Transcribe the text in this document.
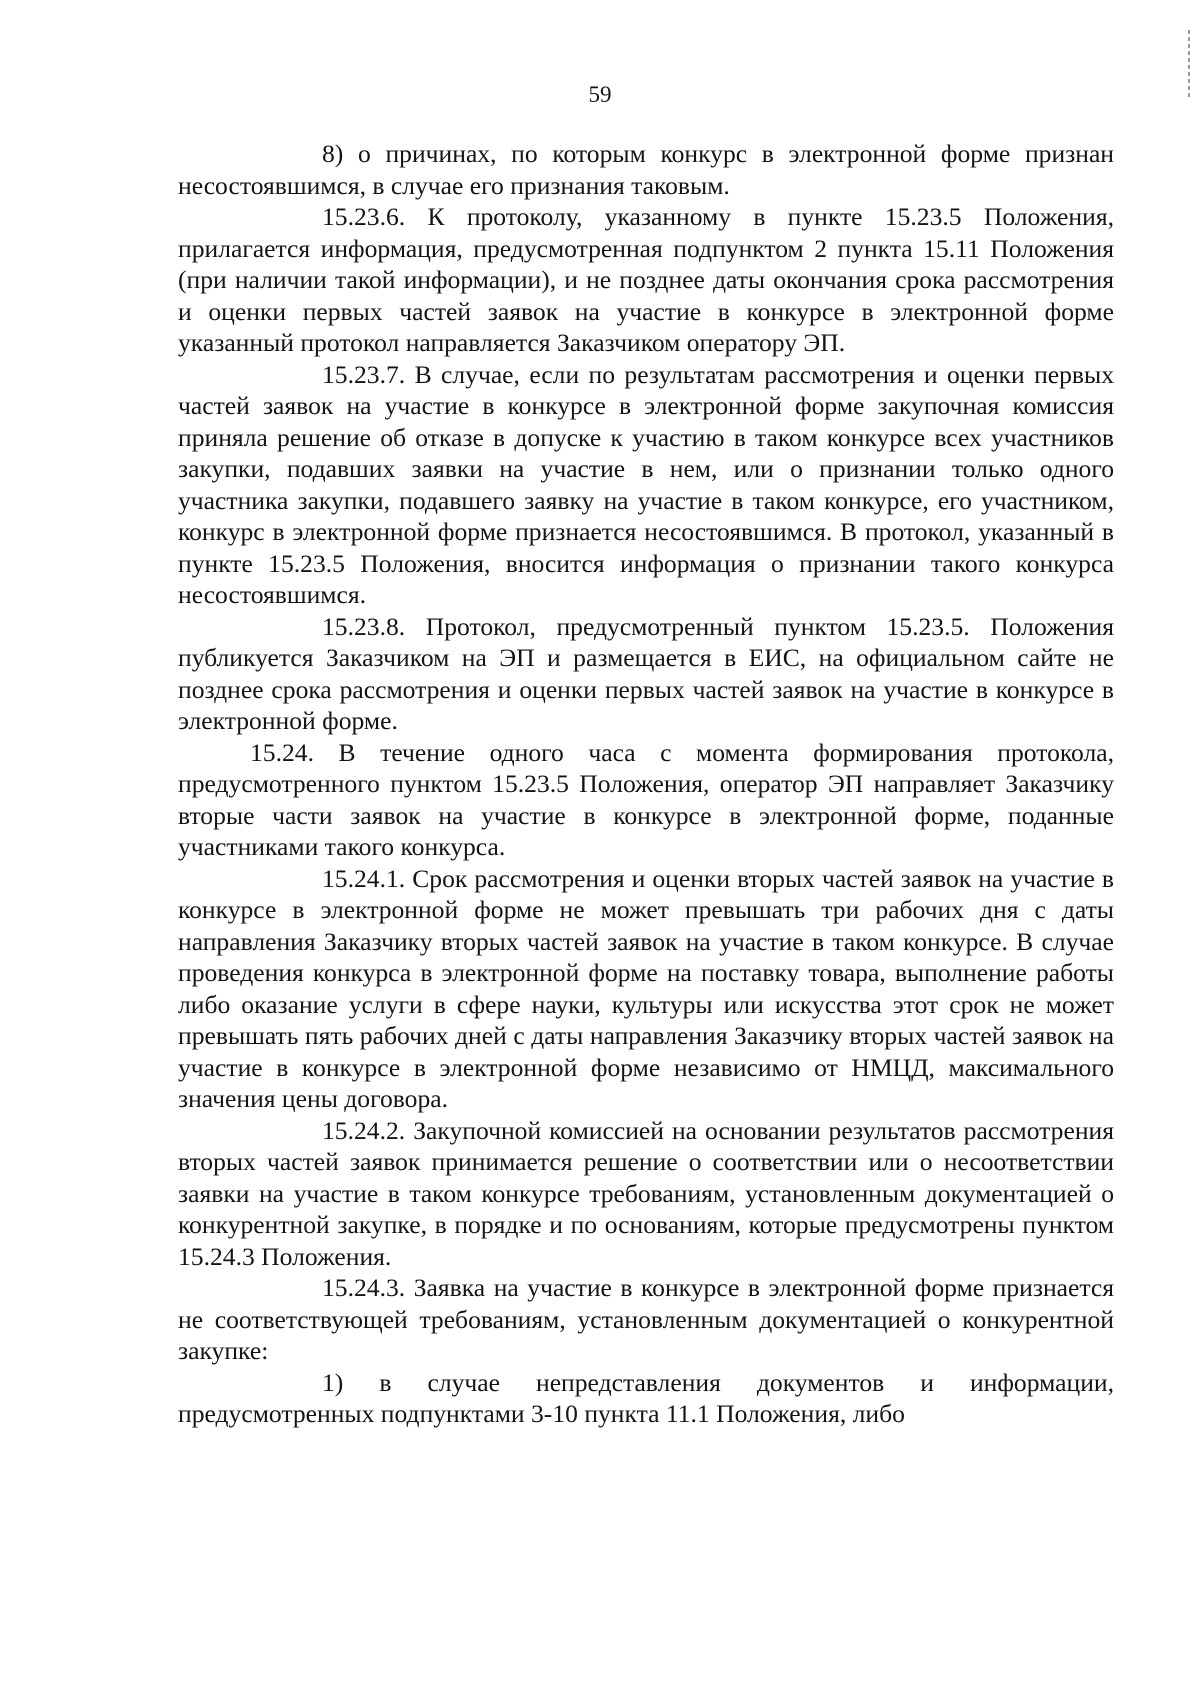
59

8) о причинах, по которым конкурс в электронной форме признан несостоявшимся, в случае его признания таковым.

15.23.6. К протоколу, указанному в пункте 15.23.5 Положения, прилагается информация, предусмотренная подпунктом 2 пункта 15.11 Положения (при наличии такой информации), и не позднее даты окончания срока рассмотрения и оценки первых частей заявок на участие в конкурсе в электронной форме указанный протокол направляется Заказчиком оператору ЭП.

15.23.7. В случае, если по результатам рассмотрения и оценки первых частей заявок на участие в конкурсе в электронной форме закупочная комиссия приняла решение об отказе в допуске к участию в таком конкурсе всех участников закупки, подавших заявки на участие в нем, или о признании только одного участника закупки, подавшего заявку на участие в таком конкурсе, его участником, конкурс в электронной форме признается несостоявшимся. В протокол, указанный в пункте 15.23.5 Положения, вносится информация о признании такого конкурса несостоявшимся.

15.23.8. Протокол, предусмотренный пунктом 15.23.5. Положения публикуется Заказчиком на ЭП и размещается в ЕИС, на официальном сайте не позднее срока рассмотрения и оценки первых частей заявок на участие в конкурсе в электронной форме.

15.24. В течение одного часа с момента формирования протокола, предусмотренного пунктом 15.23.5 Положения, оператор ЭП направляет Заказчику вторые части заявок на участие в конкурсе в электронной форме, поданные участниками такого конкурса.

15.24.1. Срок рассмотрения и оценки вторых частей заявок на участие в конкурсе в электронной форме не может превышать три рабочих дня с даты направления Заказчику вторых частей заявок на участие в таком конкурсе. В случае проведения конкурса в электронной форме на поставку товара, выполнение работы либо оказание услуги в сфере науки, культуры или искусства этот срок не может превышать пять рабочих дней с даты направления Заказчику вторых частей заявок на участие в конкурсе в электронной форме независимо от НМЦД, максимального значения цены договора.

15.24.2. Закупочной комиссией на основании результатов рассмотрения вторых частей заявок принимается решение о соответствии или о несоответствии заявки на участие в таком конкурсе требованиям, установленным документацией о конкурентной закупке, в порядке и по основаниям, которые предусмотрены пунктом 15.24.3 Положения.

15.24.3. Заявка на участие в конкурсе в электронной форме признается не соответствующей требованиям, установленным документацией о конкурентной закупке:

1) в случае непредставления документов и информации, предусмотренных подпунктами 3-10 пункта 11.1 Положения, либо
